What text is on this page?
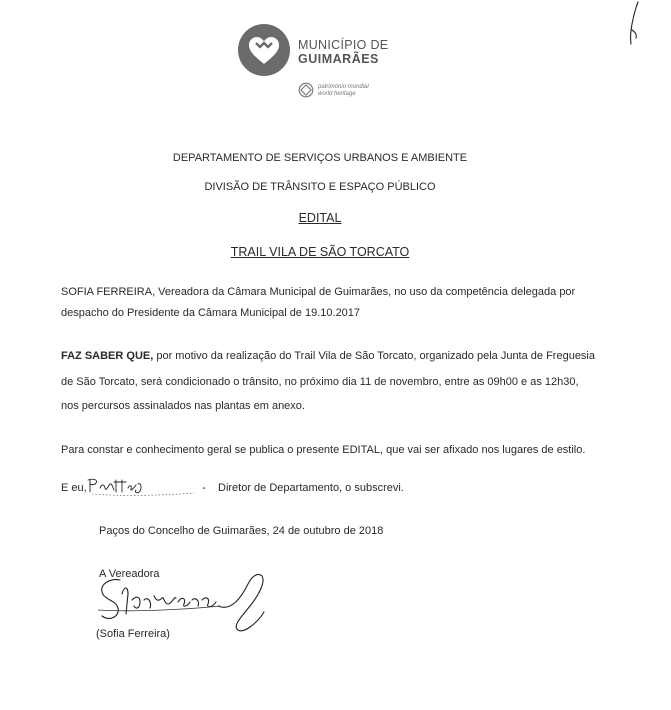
MUNICÍPIO DE
GUIMARÃES
património mundial
world heritage
DEPARTAMENTO DE SERVIÇOS URBANOS E AMBIENTE
DIVISÃO DE TRÂNSITO E ESPAÇO PÚBLICO
EDITAL
TRAIL VILA DE SÃO TORCATO
SOFIA FERREIRA, Vereadora da Câmara Municipal de Guimarães, no uso da competência delegada por
despacho do Presidente da Câmara Municipal de 19.10.2017
FAZ SABER QUE, por motivo da realização do Trail Vila de São Torcato, organizado pela Junta de Freguesia
de São Torcato, será condicionado o trânsito, no próximo dia 11 de novembro, entre as 09h00 e as 12h30,
nos percursos assinalados nas plantas em anexo.
Para constar e conhecimento geral se publica o presente EDITAL, que vai ser afixado nos lugares de estilo.
E eu,	- Diretor de Departamento, o subscrevi.
Paços do Concelho de Guimarães, 24 de outubro de 2018
A Vereadora
(Sofia Ferreira)
